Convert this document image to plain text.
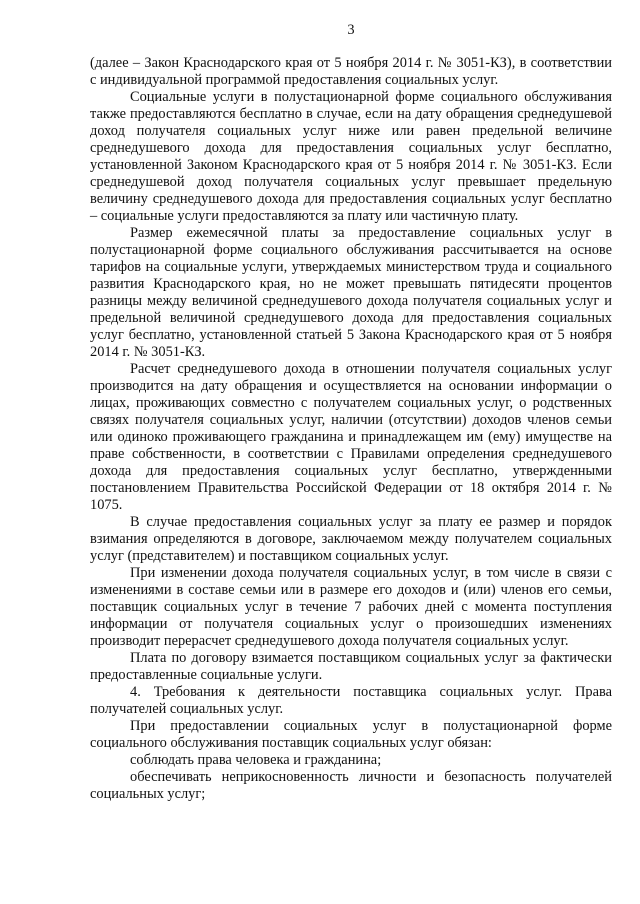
3

(далее – Закон Краснодарского края от 5 ноября 2014 г. № 3051-КЗ), в соответствии с индивидуальной программой предоставления социальных услуг.

Социальные услуги в полустационарной форме социального обслуживания также предоставляются бесплатно в случае, если на дату обращения среднедушевой доход получателя социальных услуг ниже или равен предельной величине среднедушевого дохода для предоставления социальных услуг бесплатно, установленной Законом Краснодарского края от 5 ноября 2014 г. № 3051-КЗ. Если среднедушевой доход получателя социальных услуг превышает предельную величину среднедушевого дохода для предоставления социальных услуг бесплатно – социальные услуги предоставляются за плату или частичную плату.

Размер ежемесячной платы за предоставление социальных услуг в полустационарной форме социального обслуживания рассчитывается на основе тарифов на социальные услуги, утверждаемых министерством труда и социального развития Краснодарского края, но не может превышать пятидесяти процентов разницы между величиной среднедушевого дохода получателя социальных услуг и предельной величиной среднедушевого дохода для предоставления социальных услуг бесплатно, установленной статьей 5 Закона Краснодарского края от 5 ноября 2014 г. № 3051-КЗ.

Расчет среднедушевого дохода в отношении получателя социальных услуг производится на дату обращения и осуществляется на основании информации о лицах, проживающих совместно с получателем социальных услуг, о родственных связях получателя социальных услуг, наличии (отсутствии) доходов членов семьи или одиноко проживающего гражданина и принадлежащем им (ему) имуществе на праве собственности, в соответствии с Правилами определения среднедушевого дохода для предоставления социальных услуг бесплатно, утвержденными постановлением Правительства Российской Федерации от 18 октября 2014 г. № 1075.

В случае предоставления социальных услуг за плату ее размер и порядок взимания определяются в договоре, заключаемом между получателем социальных услуг (представителем) и поставщиком социальных услуг.

При изменении дохода получателя социальных услуг, в том числе в связи с изменениями в составе семьи или в размере его доходов и (или) членов его семьи, поставщик социальных услуг в течение 7 рабочих дней с момента поступления информации от получателя социальных услуг о произошедших изменениях производит перерасчет среднедушевого дохода получателя социальных услуг.

Плата по договору взимается поставщиком социальных услуг за фактически предоставленные социальные услуги.

4. Требования к деятельности поставщика социальных услуг. Права получателей социальных услуг.

При предоставлении социальных услуг в полустационарной форме социального обслуживания поставщик социальных услуг обязан:

соблюдать права человека и гражданина;

обеспечивать неприкосновенность личности и безопасность получателей социальных услуг;
